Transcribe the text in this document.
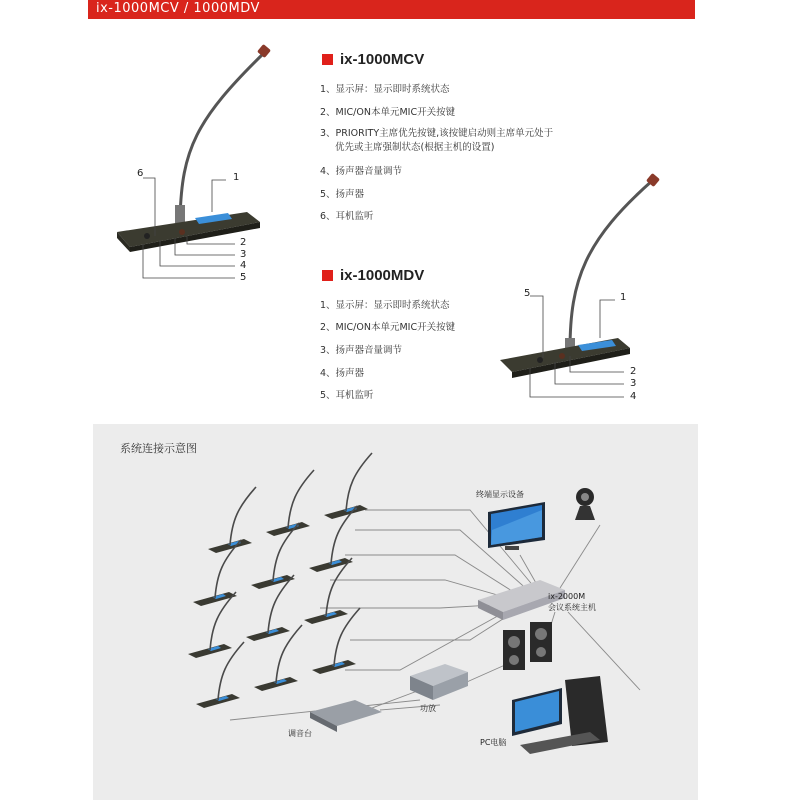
ix-1000MCV / 1000MDV
ix-1000MCV
1、显示屏：显示即时系统状态
2、MIC/ON本单元MIC开关按键
3、PRIORITY主席优先按键,该按键启动则主席单元处于
优先或主席强制状态(根据主机的设置)
4、扬声器音量调节
5、扬声器
6、耳机监听
ix-1000MDV
1、显示屏：显示即时系统状态
2、MIC/ON本单元MIC开关按键
3、扬声器音量调节
4、扬声器
5、耳机监听
6	1
2
3
4
5
5	1
2
3
4
系统连接示意图
终端显示设备
ix-2000M
会议系统主机
功放
调音台
PC电脑
